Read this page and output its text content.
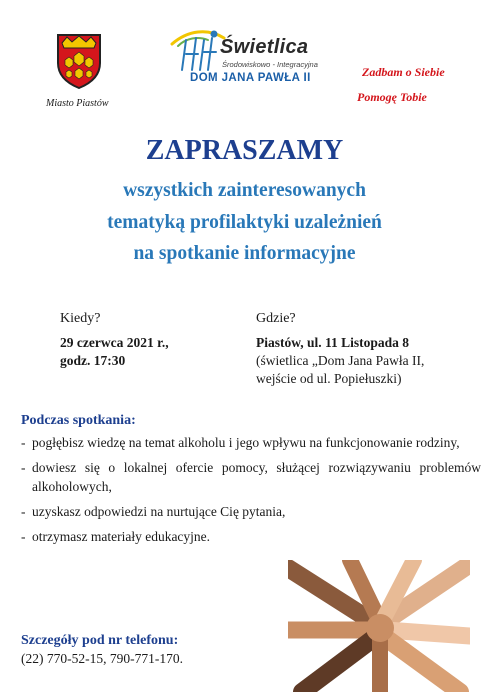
Miasto Piastów
Świetlica
Środowiskowo - Integracyjna
DOM JANA PAWŁA II	Zadbam o Siebie
Pomogę Tobie
ZAPRASZAMY
wszystkich zainteresowanych
tematyką profilaktyki uzależnień
na spotkanie informacyjne
Kiedy?
29 czerwca 2021 r.,
godz. 17:30
Gdzie?
Piastów, ul. 11 Listopada 8
(świetlica „Dom Jana Pawła II,
wejście od ul. Popiełuszki)
Podczas spotkania:
- pogłębisz wiedzę na temat alkoholu i jego wpływu na funkcjonowanie rodziny,
- dowiesz się o lokalnej ofercie pomocy, służącej rozwiązywaniu problemów alkoholowych,
- uzyskasz odpowiedzi na nurtujące Cię pytania,
- otrzymasz materiały edukacyjne.
Szczegóły pod nr telefonu:
(22) 770-52-15, 790-771-170.
